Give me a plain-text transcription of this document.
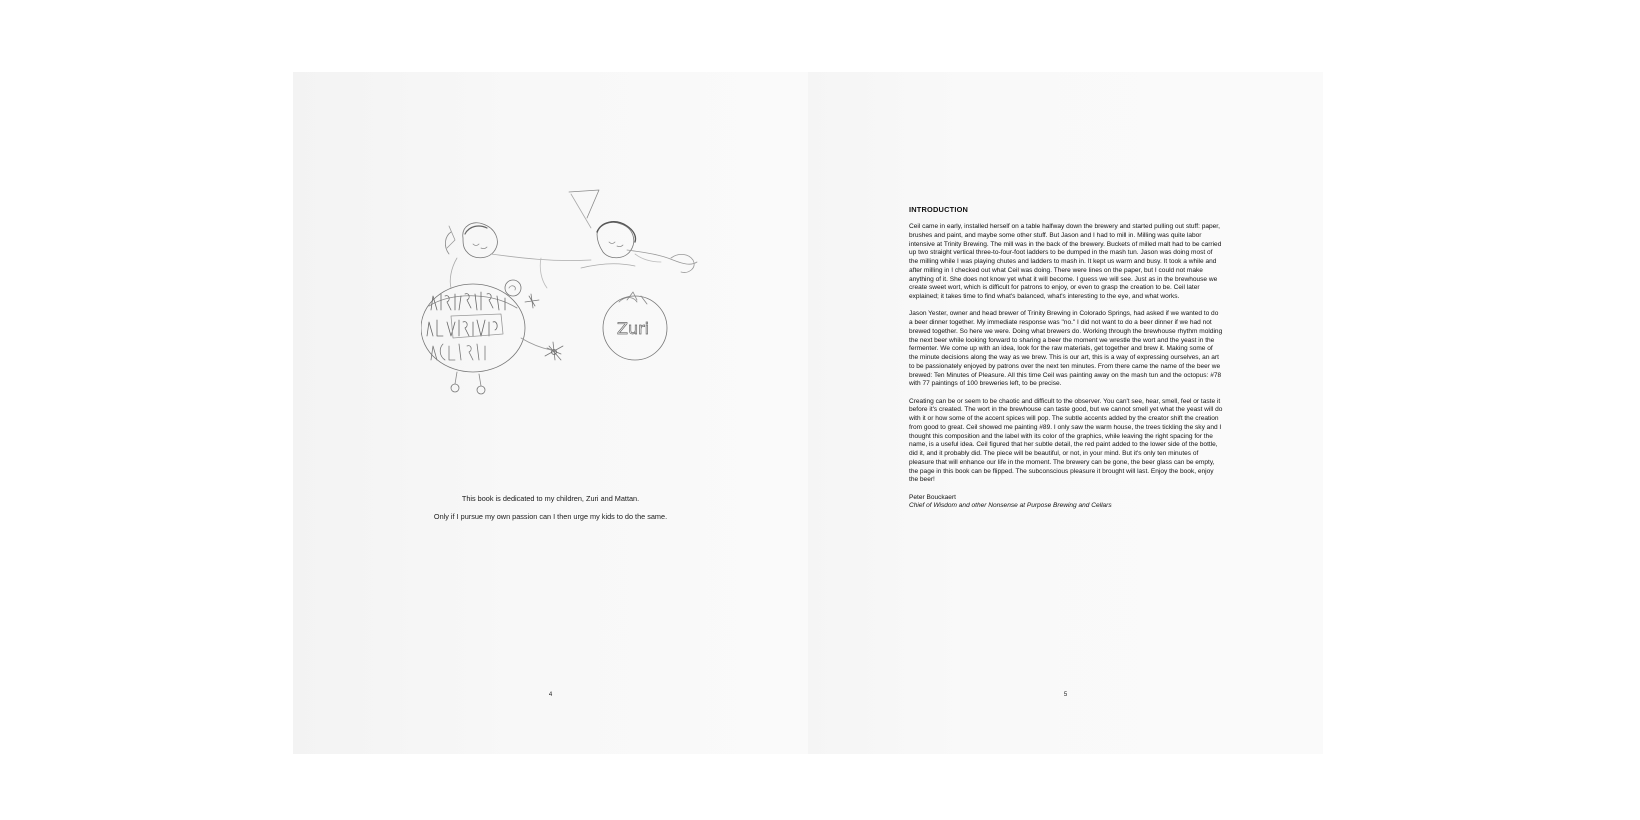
Zuri

This book is dedicated to my children, Zuri and Mattan.

Only if I pursue my own passion can I then urge my kids to do the same.

4

INTRODUCTION

Ceil came in early, installed herself on a table halfway down the brewery and started pulling out stuff: paper, brushes and paint, and maybe some other stuff. But Jason and I had to mill in. Milling was quite labor intensive at Trinity Brewing. The mill was in the back of the brewery. Buckets of milled malt had to be carried up two straight vertical three-to-four-foot ladders to be dumped in the mash tun. Jason was doing most of the milling while I was playing chutes and ladders to mash in. It kept us warm and busy. It took a while and after milling in I checked out what Ceil was doing. There were lines on the paper, but I could not make anything of it. She does not know yet what it will become. I guess we will see. Just as in the brewhouse we create sweet wort, which is difficult for patrons to enjoy, or even to grasp the creation to be. Ceil later explained; it takes time to find what's balanced, what's interesting to the eye, and what works.

Jason Yester, owner and head brewer of Trinity Brewing in Colorado Springs, had asked if we wanted to do a beer dinner together. My immediate response was "no." I did not want to do a beer dinner if we had not brewed together. So here we were. Doing what brewers do. Working through the brewhouse rhythm molding the next beer while looking forward to sharing a beer the moment we wrestle the wort and the yeast in the fermenter. We come up with an idea, look for the raw materials, get together and brew it. Making some of the minute decisions along the way as we brew. This is our art, this is a way of expressing ourselves, an art to be passionately enjoyed by patrons over the next ten minutes. From there came the name of the beer we brewed: Ten Minutes of Pleasure. All this time Ceil was painting away on the mash tun and the octopus: #78 with 77 paintings of 100 breweries left, to be precise.

Creating can be or seem to be chaotic and difficult to the observer. You can't see, hear, smell, feel or taste it before it's created. The wort in the brewhouse can taste good, but we cannot smell yet what the yeast will do with it or how some of the accent spices will pop. The subtle accents added by the creator shift the creation from good to great. Ceil showed me painting #89. I only saw the warm house, the trees tickling the sky and I thought this composition and the label with its color of the graphics, while leaving the right spacing for the name, is a useful idea. Ceil figured that her subtle detail, the red paint added to the lower side of the bottle, did it, and it probably did. The piece will be beautiful, or not, in your mind. But it's only ten minutes of pleasure that will enhance our life in the moment. The brewery can be gone, the beer glass can be empty, the page in this book can be flipped. The subconscious pleasure it brought will last. Enjoy the book, enjoy the beer!

Peter Bouckaert

Chief of Wisdom and other Nonsense at Purpose Brewing and Cellars

5
